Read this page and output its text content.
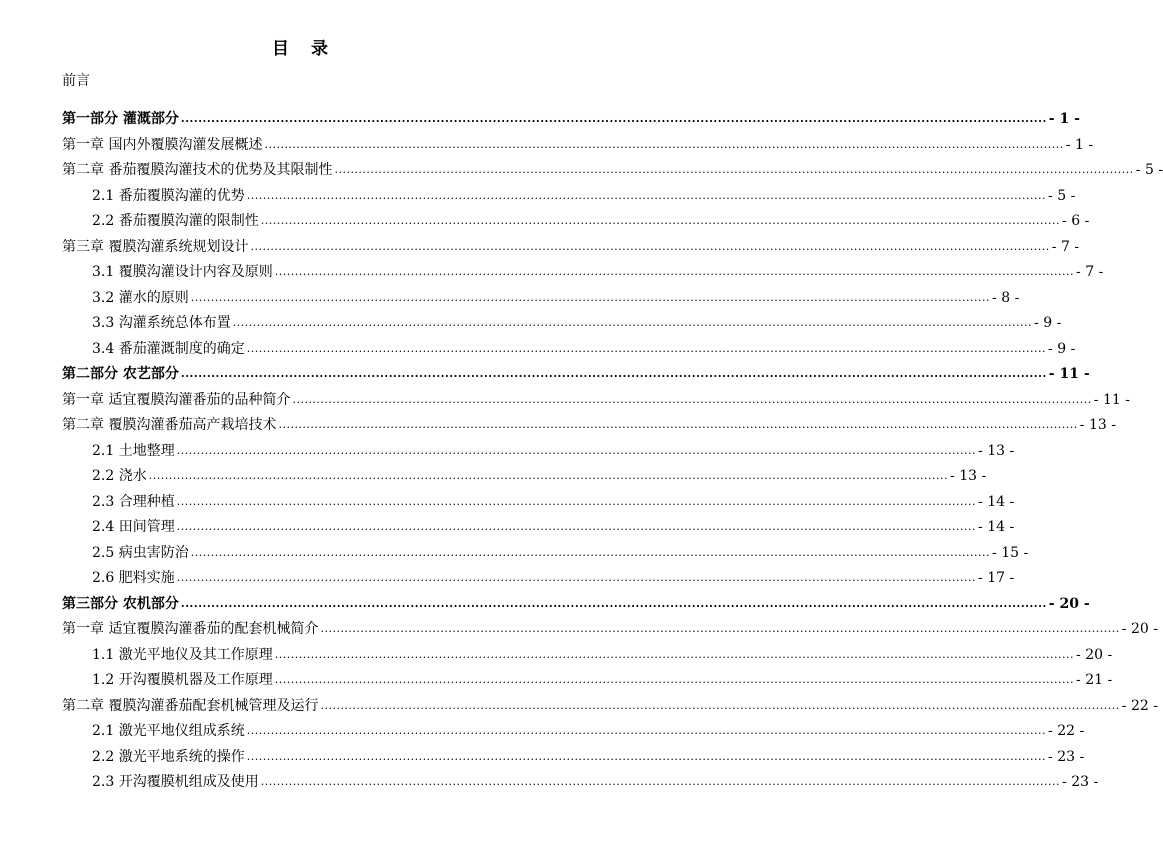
目 录
前言
第一部分 灌溉部分 ........................................................................................................................................................................................................ - 1 -
第一章 国内外覆膜沟灌发展概述 ........................................................................................................................................................................................................ - 1 -
第二章 番茄覆膜沟灌技术的优势及其限制性 ........................................................................................................................................................................................................ - 5 -
2.1 番茄覆膜沟灌的优势 ........................................................................................................................................................................................................ - 5 -
2.2 番茄覆膜沟灌的限制性 ........................................................................................................................................................................................................ - 6 -
第三章 覆膜沟灌系统规划设计 ........................................................................................................................................................................................................ - 7 -
3.1 覆膜沟灌设计内容及原则 ........................................................................................................................................................................................................ - 7 -
3.2 灌水的原则 ........................................................................................................................................................................................................ - 8 -
3.3 沟灌系统总体布置 ........................................................................................................................................................................................................ - 9 -
3.4 番茄灌溉制度的确定 ........................................................................................................................................................................................................ - 9 -
第二部分 农艺部分 ........................................................................................................................................................................................................ - 11 -
第一章 适宜覆膜沟灌番茄的品种简介 ........................................................................................................................................................................................................ - 11 -
第二章 覆膜沟灌番茄高产栽培技术 ........................................................................................................................................................................................................ - 13 -
2.1 土地整理 ........................................................................................................................................................................................................ - 13 -
2.2 浇水 ........................................................................................................................................................................................................ - 13 -
2.3 合理种植 ........................................................................................................................................................................................................ - 14 -
2.4 田间管理 ........................................................................................................................................................................................................ - 14 -
2.5 病虫害防治 ........................................................................................................................................................................................................ - 15 -
2.6 肥料实施 ........................................................................................................................................................................................................ - 17 -
第三部分 农机部分 ........................................................................................................................................................................................................ - 20 -
第一章 适宜覆膜沟灌番茄的配套机械简介 ........................................................................................................................................................................................................ - 20 -
1.1 激光平地仪及其工作原理 ........................................................................................................................................................................................................ - 20 -
1.2 开沟覆膜机器及工作原理 ........................................................................................................................................................................................................ - 21 -
第二章 覆膜沟灌番茄配套机械管理及运行 ........................................................................................................................................................................................................ - 22 -
2.1 激光平地仪组成系统 ........................................................................................................................................................................................................ - 22 -
2.2 激光平地系统的操作 ........................................................................................................................................................................................................ - 23 -
2.3 开沟覆膜机组成及使用 ........................................................................................................................................................................................................ - 23 -
